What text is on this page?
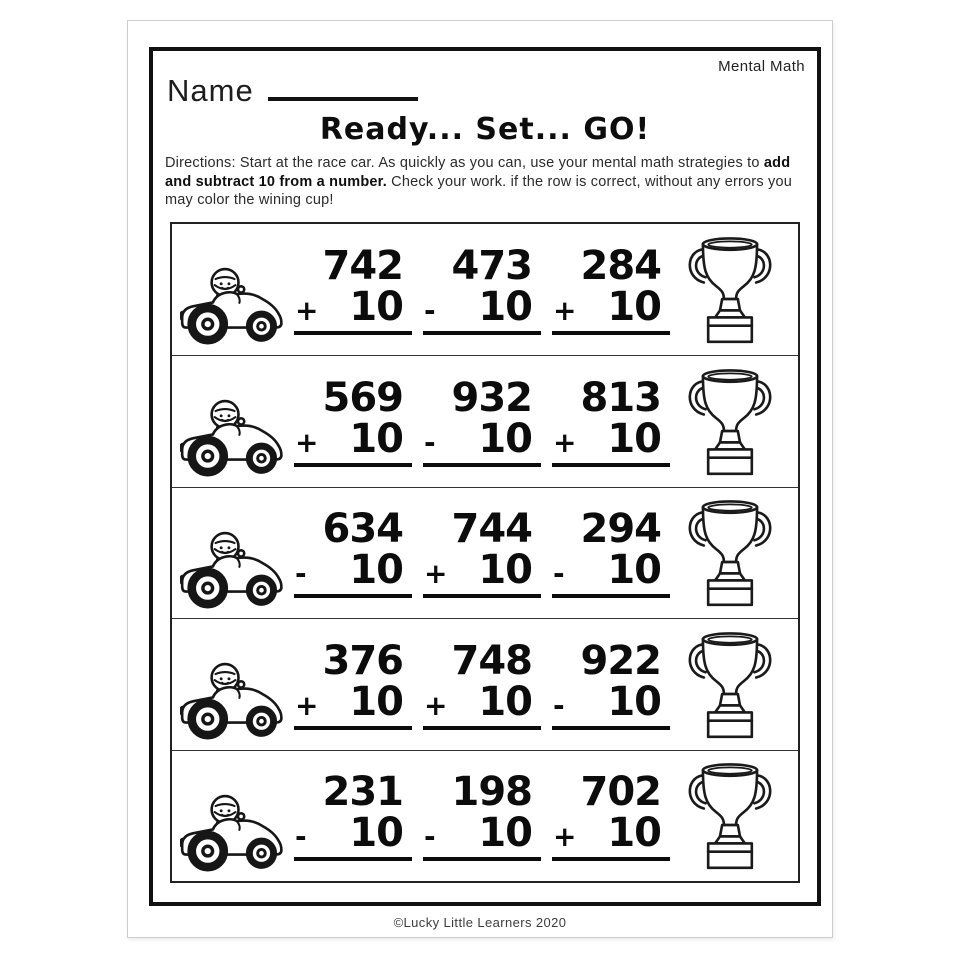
Mental Math
Name
Ready... Set... GO!

Directions: Start at the race car. As quickly as you can, use your mental math strategies to add and subtract 10 from a number. Check your work. if the row is correct, without any errors you may color the wining cup!

742
+ 10
473
- 10
284
+ 10
569
+ 10
932
- 10
813
+ 10
634
- 10
744
+ 10
294
- 10
376
+ 10
748
+ 10
922
- 10
231
- 10
198
- 10
702
+ 10
©Lucky Little Learners 2020
